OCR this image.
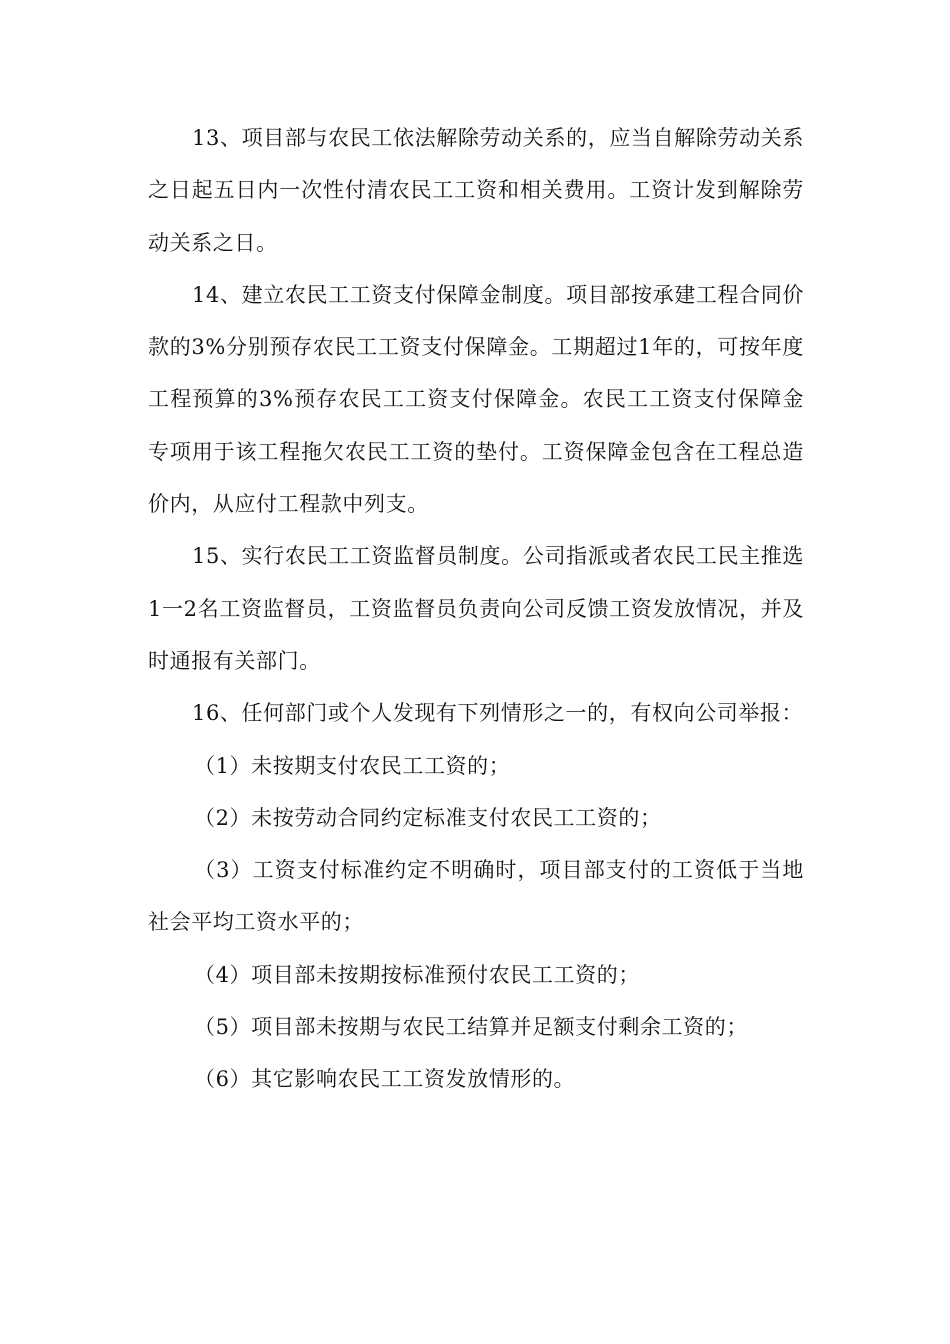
13、项目部与农民工依法解除劳动关系的，应当自解除劳动关系之日起五日内一次性付清农民工工资和相关费用。工资计发到解除劳动关系之日。

14、建立农民工工资支付保障金制度。项目部按承建工程合同价款的3%分别预存农民工工资支付保障金。工期超过1年的，可按年度工程预算的3%预存农民工工资支付保障金。农民工工资支付保障金专项用于该工程拖欠农民工工资的垫付。工资保障金包含在工程总造价内，从应付工程款中列支。

15、实行农民工工资监督员制度。公司指派或者农民工民主推选1一2名工资监督员，工资监督员负责向公司反馈工资发放情况，并及时通报有关部门。

16、任何部门或个人发现有下列情形之一的，有权向公司举报：

（1）未按期支付农民工工资的；

（2）未按劳动合同约定标准支付农民工工资的；

（3）工资支付标准约定不明确时，项目部支付的工资低于当地社会平均工资水平的；

（4）项目部未按期按标准预付农民工工资的；

（5）项目部未按期与农民工结算并足额支付剩余工资的；

（6）其它影响农民工工资发放情形的。
